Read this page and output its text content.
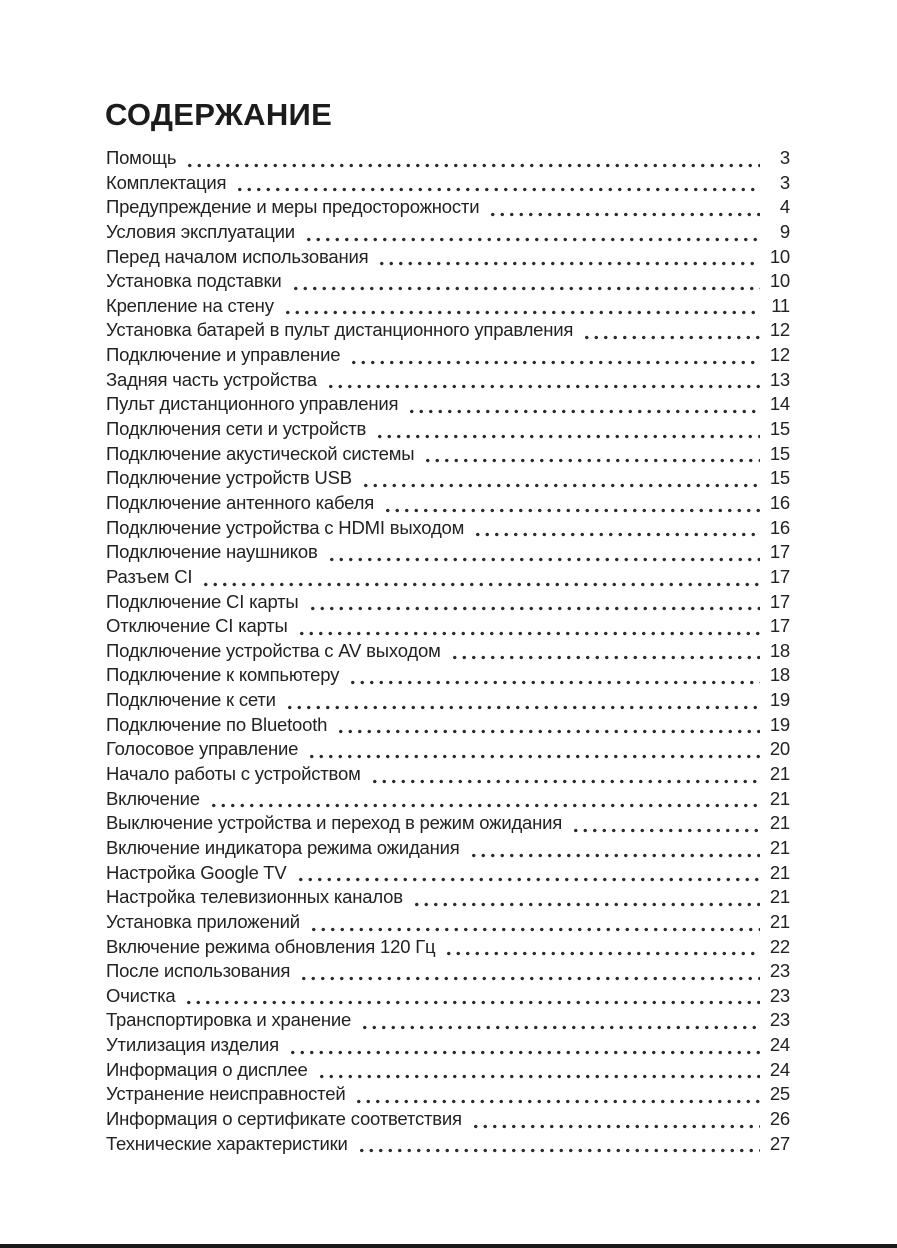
СОДЕРЖАНИЕ
Помощь	3
Комплектация	3
Предупреждение и меры предосторожности	4
Условия эксплуатации	9
Перед началом использования	10
Установка подставки	10
Крепление на стену	11
Установка батарей в пульт дистанционного управления	12
Подключение и управление	12
Задняя часть устройства	13
Пульт дистанционного управления	14
Подключения сети и устройств	15
Подключение акустической системы	15
Подключение устройств USB	15
Подключение антенного кабеля	16
Подключение устройства с HDMI выходом	16
Подключение наушников	17
Разъем CI	17
Подключение CI карты	17
Отключение CI карты	17
Подключение устройства с AV выходом	18
Подключение к компьютеру	18
Подключение к сети	19
Подключение по Bluetooth	19
Голосовое управление	20
Начало работы с устройством	21
Включение	21
Выключение устройства и переход в режим ожидания	21
Включение индикатора режима ожидания	21
Настройка Google TV	21
Настройка телевизионных каналов	21
Установка приложений	21
Включение режима обновления 120 Гц	22
После использования	23
Очистка	23
Транспортировка и хранение	23
Утилизация изделия	24
Информация о дисплее	24
Устранение неисправностей	25
Информация о сертификате соответствия	26
Технические характеристики	27
